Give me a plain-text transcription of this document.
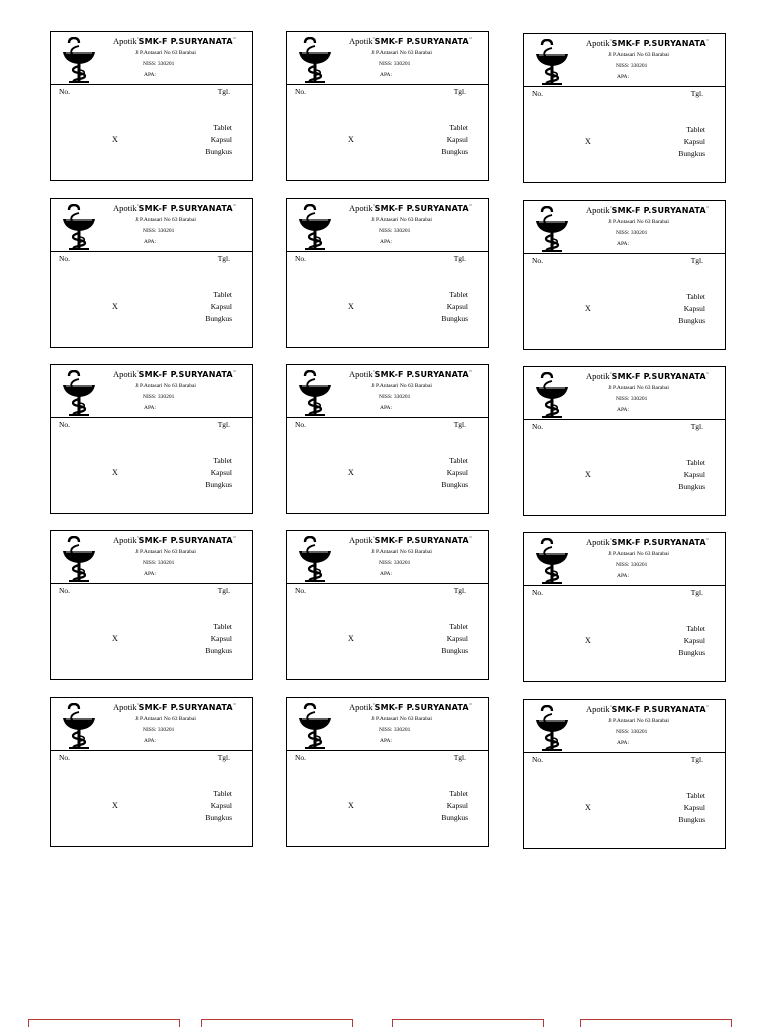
Apotik"SMK-F P.SURYANATA'"
Jl P.Antasari No 63 Barabai
NISS: 330201
APA:
No.	Tgl.
X
Tablet
Kapsul
Bungkus
Apotik"SMK-F P.SURYANATA'"
Jl P.Antasari No 63 Barabai
NISS: 330201
APA:
No.	Tgl.
X
Tablet
Kapsul
Bungkus
Apotik"SMK-F P.SURYANATA'"
Jl P.Antasari No 63 Barabai
NISS: 330201
APA:
No.	Tgl.
X
Tablet
Kapsul
Bungkus
Apotik"SMK-F P.SURYANATA'"
Jl P.Antasari No 63 Barabai
NISS: 330201
APA:
No.	Tgl.
X
Tablet
Kapsul
Bungkus
Apotik"SMK-F P.SURYANATA'"
Jl P.Antasari No 63 Barabai
NISS: 330201
APA:
No.	Tgl.
X
Tablet
Kapsul
Bungkus
Apotik"SMK-F P.SURYANATA'"
Jl P.Antasari No 63 Barabai
NISS: 330201
APA:
No.	Tgl.
X
Tablet
Kapsul
Bungkus
Apotik"SMK-F P.SURYANATA'"
Jl P.Antasari No 63 Barabai
NISS: 330201
APA:
No.	Tgl.
X
Tablet
Kapsul
Bungkus
Apotik"SMK-F P.SURYANATA'"
Jl P.Antasari No 63 Barabai
NISS: 330201
APA:
No.	Tgl.
X
Tablet
Kapsul
Bungkus
Apotik"SMK-F P.SURYANATA'"
Jl P.Antasari No 63 Barabai
NISS: 330201
APA:
No.	Tgl.
X
Tablet
Kapsul
Bungkus
Apotik"SMK-F P.SURYANATA'"
Jl P.Antasari No 63 Barabai
NISS: 330201
APA:
No.	Tgl.
X
Tablet
Kapsul
Bungkus
Apotik"SMK-F P.SURYANATA'"
Jl P.Antasari No 63 Barabai
NISS: 330201
APA:
No.	Tgl.
X
Tablet
Kapsul
Bungkus
Apotik"SMK-F P.SURYANATA'"
Jl P.Antasari No 63 Barabai
NISS: 330201
APA:
No.	Tgl.
X
Tablet
Kapsul
Bungkus
Apotik"SMK-F P.SURYANATA'"
Jl P.Antasari No 63 Barabai
NISS: 330201
APA:
No.	Tgl.
X
Tablet
Kapsul
Bungkus
Apotik"SMK-F P.SURYANATA'"
Jl P.Antasari No 63 Barabai
NISS: 330201
APA:
No.	Tgl.
X
Tablet
Kapsul
Bungkus
Apotik"SMK-F P.SURYANATA'"
Jl P.Antasari No 63 Barabai
NISS: 330201
APA:
No.	Tgl.
X
Tablet
Kapsul
Bungkus
